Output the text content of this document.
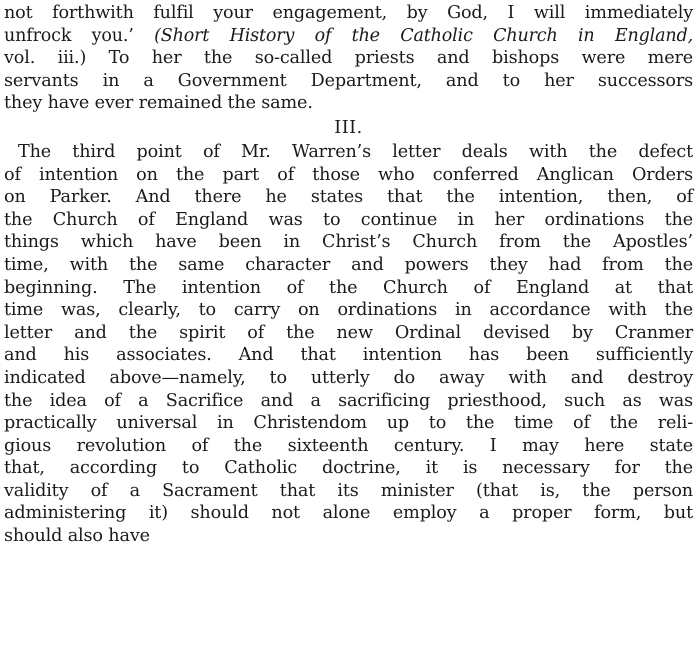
not forthwith fulfil your engagement, by God, I will immediately
unfrock you.’ (Short History of the Catholic Church in England,
vol. iii.) To her the so-called priests and bishops were mere
servants in a Government Department, and to her successors
they have ever remained the same.
III.
The third point of Mr. Warren’s letter deals with the defect
of intention on the part of those who conferred Anglican Orders
on Parker. And there he states that the intention, then, of
the Church of England was to continue in her ordinations the
things which have been in Christ’s Church from the Apostles’
time, with the same character and powers they had from the
beginning. The intention of the Church of England at that
time was, clearly, to carry on ordinations in accordance with the
letter and the spirit of the new Ordinal devised by Cranmer
and his associates. And that intention has been sufficiently
indicated above—namely, to utterly do away with and destroy
the idea of a Sacrifice and a sacrificing priesthood, such as was
practically universal in Christendom up to the time of the reli-
gious revolution of the sixteenth century. I may here state
that, according to Catholic doctrine, it is necessary for the
validity of a Sacrament that its minister (that is, the person
administering it) should not alone employ a proper form, but
should also have
